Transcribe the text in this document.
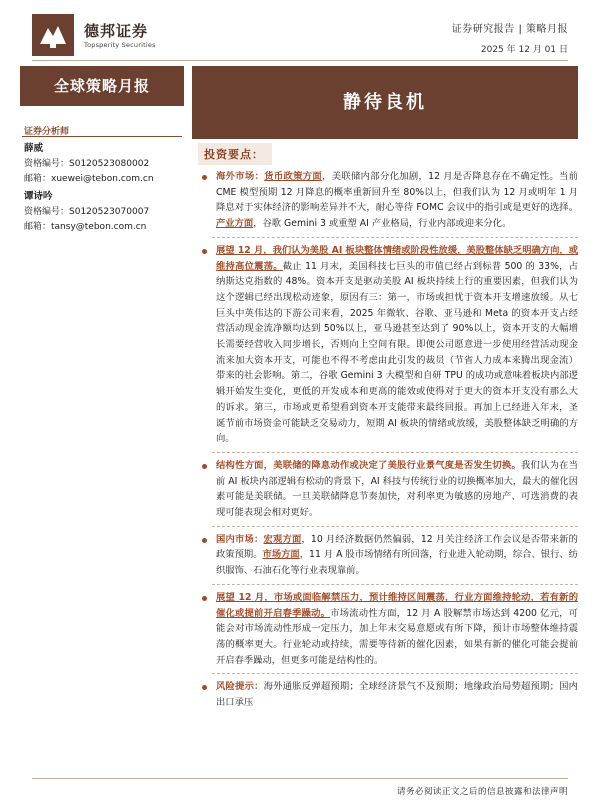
德邦证券
Topsperity Securities
证券研究报告 | 策略月报
2025 年 12 月 01 日
全球策略月报
证券分析师
薛威
资格编号：S0120523080002
邮箱：xuewei@tebon.com.cn
谭诗吟
资格编号：S0120523070007
邮箱：tansy@tebon.com.cn
静待良机
投资要点：
海外市场：货币政策方面，美联储内部分化加剧，12 月是否降息存在不确定性。当前 CME 模型预期 12 月降息的概率重新回升至 80%以上，但我们认为 12 月或明年 1 月降息对于实体经济的影响差异并不大，耐心等待 FOMC 会议中的指引或是更好的选择。产业方面，谷歌 Gemini 3 或重塑 AI 产业格局，行业内部或迎来分化。
展望 12 月，我们认为美股 AI 板块整体情绪或阶段性放缓，美股整体缺乏明确方向，或维持高位震荡。截止 11 月末，美国科技七巨头的市值已经占到标普 500 的 33%，占纳斯达克指数的 48%。资本开支是驱动美股 AI 板块持续上行的重要因素，但我们认为这个逻辑已经出现松动迹象，原因有三：第一，市场或担忧于资本开支增速放缓。从七巨头中英伟达的下游公司来看，2025 年微软、谷歌、亚马逊和 Meta 的资本开支占经营活动现金流净额均达到 50%以上，亚马逊甚至达到了 90%以上，资本开支的大幅增长需要经营收入同步增长，否则向上空间有限。即便公司愿意进一步使用经营活动现金流来加大资本开支，可能也不得不考虑由此引发的裁员（节省人力成本来腾出现金流）带来的社会影响。第二，谷歌 Gemini 3 大模型和自研 TPU 的成功或意味着板块内部逻辑开始发生变化，更低的开发成本和更高的能效或使得对于更大的资本开支没有那么大的诉求。第三，市场或更希望看到资本开支能带来最终回报。再加上已经进入年末，圣诞节前市场资金可能缺乏交易动力，短期 AI 板块的情绪或放缓，美股整体缺乏明确的方向。
结构性方面，美联储的降息动作或决定了美股行业景气度是否发生切换。我们认为在当前 AI 板块内部逻辑有松动的背景下，AI 科技与传统行业的切换概率加大，最大的催化因素可能是美联储。一旦美联储降息节奏加快，对利率更为敏感的房地产、可选消费的表现可能表现会相对更好。
国内市场：宏观方面，10 月经济数据仍然偏弱，12 月关注经济工作会议是否带来新的政策预期。市场方面，11 月 A 股市场情绪有所回落，行业进入轮动期，综合、银行、纺织服饰、石油石化等行业表现靠前。
展望 12 月，市场或面临解禁压力，预计维持区间震荡，行业方面维持轮动，若有新的催化或提前开启春季躁动。市场流动性方面，12 月 A 股解禁市场达到 4200 亿元，可能会对市场流动性形成一定压力，加上年末交易意愿或有所下降，预计市场整体维持震荡的概率更大。行业轮动或持续，需要等待新的催化因素，如果有新的催化可能会提前开启春季躁动，但更多可能是结构性的。
风险提示：海外通胀反弹超预期；全球经济景气不及预期；地缘政治局势超预期；国内出口承压
请务必阅读正文之后的信息披露和法律声明
